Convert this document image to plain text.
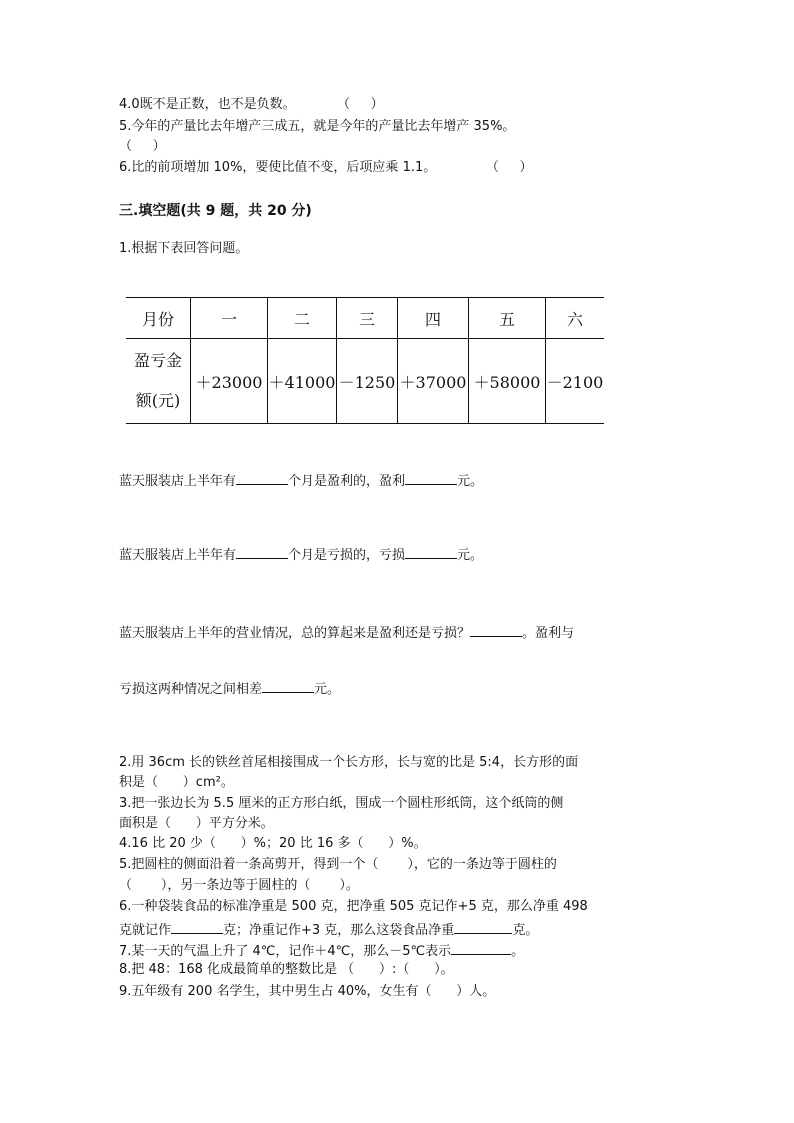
4.0既不是正数，也不是负数。          （     ）
5.今年的产量比去年增产三成五，就是今年的产量比去年增产 35%。
（     ）
6.比的前项增加 10%，要使比值不变，后项应乘 1.1。            （     ）
三.填空题(共 9 题，共 20 分)
1.根据下表回答问题。
月份	一	二	三	四	五	六

盈亏金
额(元)	＋23000	＋41000	－1250	＋37000	＋58000	－2100
蓝天服装店上半年有	个月是盈利的，盈利	元。
蓝天服装店上半年有	个月是亏损的，亏损	元。
蓝天服装店上半年的营业情况，总的算起来是盈利还是亏损？	。盈利与
亏损这两种情况之间相差	元。
2.用 36cm 长的铁丝首尾相接围成一个长方形，长与宽的比是 5:4，长方形的面
积是（      ）cm²。
3.把一张边长为 5.5 厘米的正方形白纸，围成一个圆柱形纸筒，这个纸筒的侧
面积是（      ）平方分米。
4.16 比 20 少（      ）%；20 比 16 多（      ）%。
5.把圆柱的侧面沿着一条高剪开，得到一个（       ），它的一条边等于圆柱的
（       ），另一条边等于圆柱的（       ）。
6.一种袋装食品的标准净重是 500 克，把净重 505 克记作+5 克，那么净重 498
克就记作	克；净重记作+3 克，那么这袋食品净重	克。
7.某一天的气温上升了 4℃，记作＋4℃，那么－5℃表示	。
8.把 48：168 化成最简单的整数比是 （      ）:（      ）。
9.五年级有 200 名学生，其中男生占 40%，女生有（      ）人。
